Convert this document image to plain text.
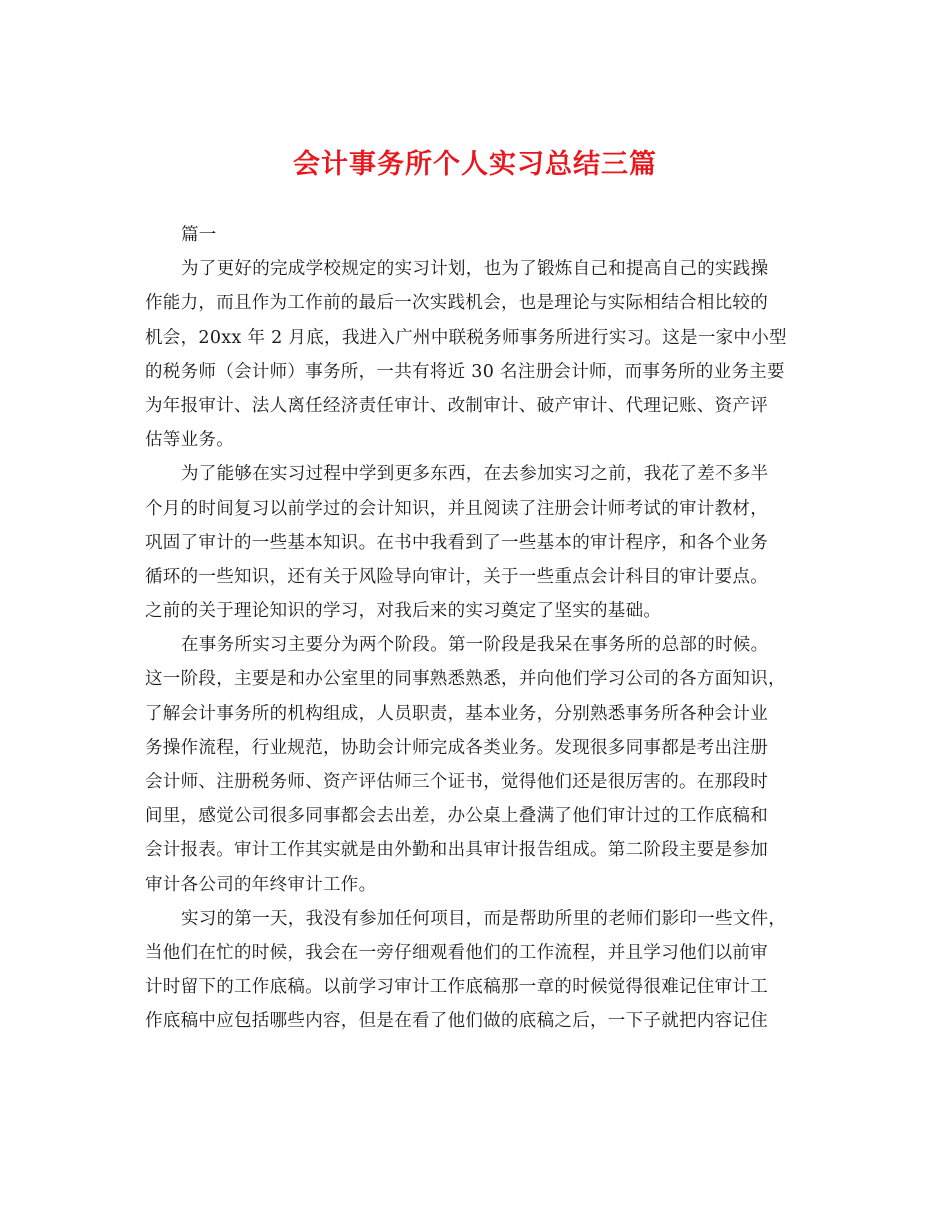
会计事务所个人实习总结三篇
篇一
为了更好的完成学校规定的实习计划，也为了锻炼自己和提高自己的实践操
作能力，而且作为工作前的最后一次实践机会，也是理论与实际相结合相比较的
机会，20xx 年 2 月底，我进入广州中联税务师事务所进行实习。这是一家中小型
的税务师（会计师）事务所，一共有将近 30 名注册会计师，而事务所的业务主要
为年报审计、法人离任经济责任审计、改制审计、破产审计、代理记账、资产评
估等业务。
为了能够在实习过程中学到更多东西，在去参加实习之前，我花了差不多半
个月的时间复习以前学过的会计知识，并且阅读了注册会计师考试的审计教材，
巩固了审计的一些基本知识。在书中我看到了一些基本的审计程序，和各个业务
循环的一些知识，还有关于风险导向审计，关于一些重点会计科目的审计要点。
之前的关于理论知识的学习，对我后来的实习奠定了坚实的基础。
在事务所实习主要分为两个阶段。第一阶段是我呆在事务所的总部的时候。
这一阶段，主要是和办公室里的同事熟悉熟悉，并向他们学习公司的各方面知识，
了解会计事务所的机构组成，人员职责，基本业务，分别熟悉事务所各种会计业
务操作流程，行业规范，协助会计师完成各类业务。发现很多同事都是考出注册
会计师、注册税务师、资产评估师三个证书，觉得他们还是很厉害的。在那段时
间里，感觉公司很多同事都会去出差，办公桌上叠满了他们审计过的工作底稿和
会计报表。审计工作其实就是由外勤和出具审计报告组成。第二阶段主要是参加
审计各公司的年终审计工作。
实习的第一天，我没有参加任何项目，而是帮助所里的老师们影印一些文件，
当他们在忙的时候，我会在一旁仔细观看他们的工作流程，并且学习他们以前审
计时留下的工作底稿。以前学习审计工作底稿那一章的时候觉得很难记住审计工
作底稿中应包括哪些内容，但是在看了他们做的底稿之后，一下子就把内容记住
